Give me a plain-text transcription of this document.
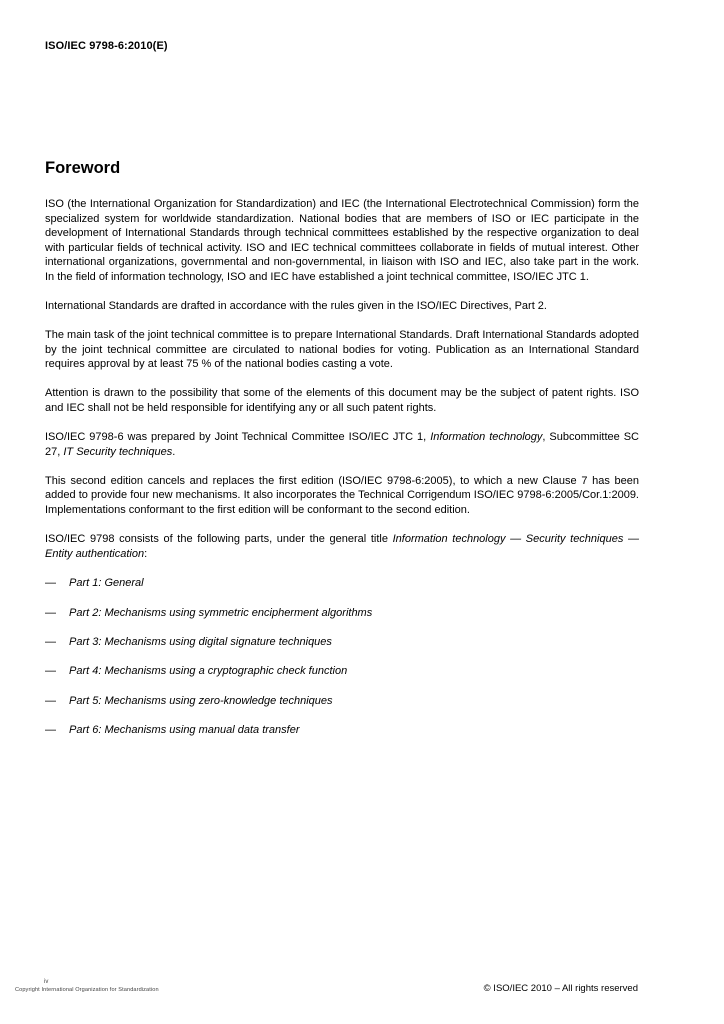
ISO/IEC 9798-6:2010(E)
Foreword

ISO (the International Organization for Standardization) and IEC (the International Electrotechnical Commission) form the specialized system for worldwide standardization. National bodies that are members of ISO or IEC participate in the development of International Standards through technical committees established by the respective organization to deal with particular fields of technical activity. ISO and IEC technical committees collaborate in fields of mutual interest. Other international organizations, governmental and non-governmental, in liaison with ISO and IEC, also take part in the work. In the field of information technology, ISO and IEC have established a joint technical committee, ISO/IEC JTC 1.

International Standards are drafted in accordance with the rules given in the ISO/IEC Directives, Part 2.

The main task of the joint technical committee is to prepare International Standards. Draft International Standards adopted by the joint technical committee are circulated to national bodies for voting. Publication as an International Standard requires approval by at least 75 % of the national bodies casting a vote.

Attention is drawn to the possibility that some of the elements of this document may be the subject of patent rights. ISO and IEC shall not be held responsible for identifying any or all such patent rights.

ISO/IEC 9798-6 was prepared by Joint Technical Committee ISO/IEC JTC 1, Information technology, Subcommittee SC 27, IT Security techniques.

This second edition cancels and replaces the first edition (ISO/IEC 9798-6:2005), to which a new Clause 7 has been added to provide four new mechanisms. It also incorporates the Technical Corrigendum ISO/IEC 9798-6:2005/Cor.1:2009. Implementations conformant to the first edition will be conformant to the second edition.

ISO/IEC 9798 consists of the following parts, under the general title Information technology — Security techniques — Entity authentication:

—
Part 1: General
—
Part 2: Mechanisms using symmetric encipherment algorithms
—
Part 3: Mechanisms using digital signature techniques
—
Part 4: Mechanisms using a cryptographic check function
—
Part 5: Mechanisms using zero-knowledge techniques
—
Part 6: Mechanisms using manual data transfer
iv
Copyright International Organization for Standardization	© ISO/IEC 2010 – All rights reserved
